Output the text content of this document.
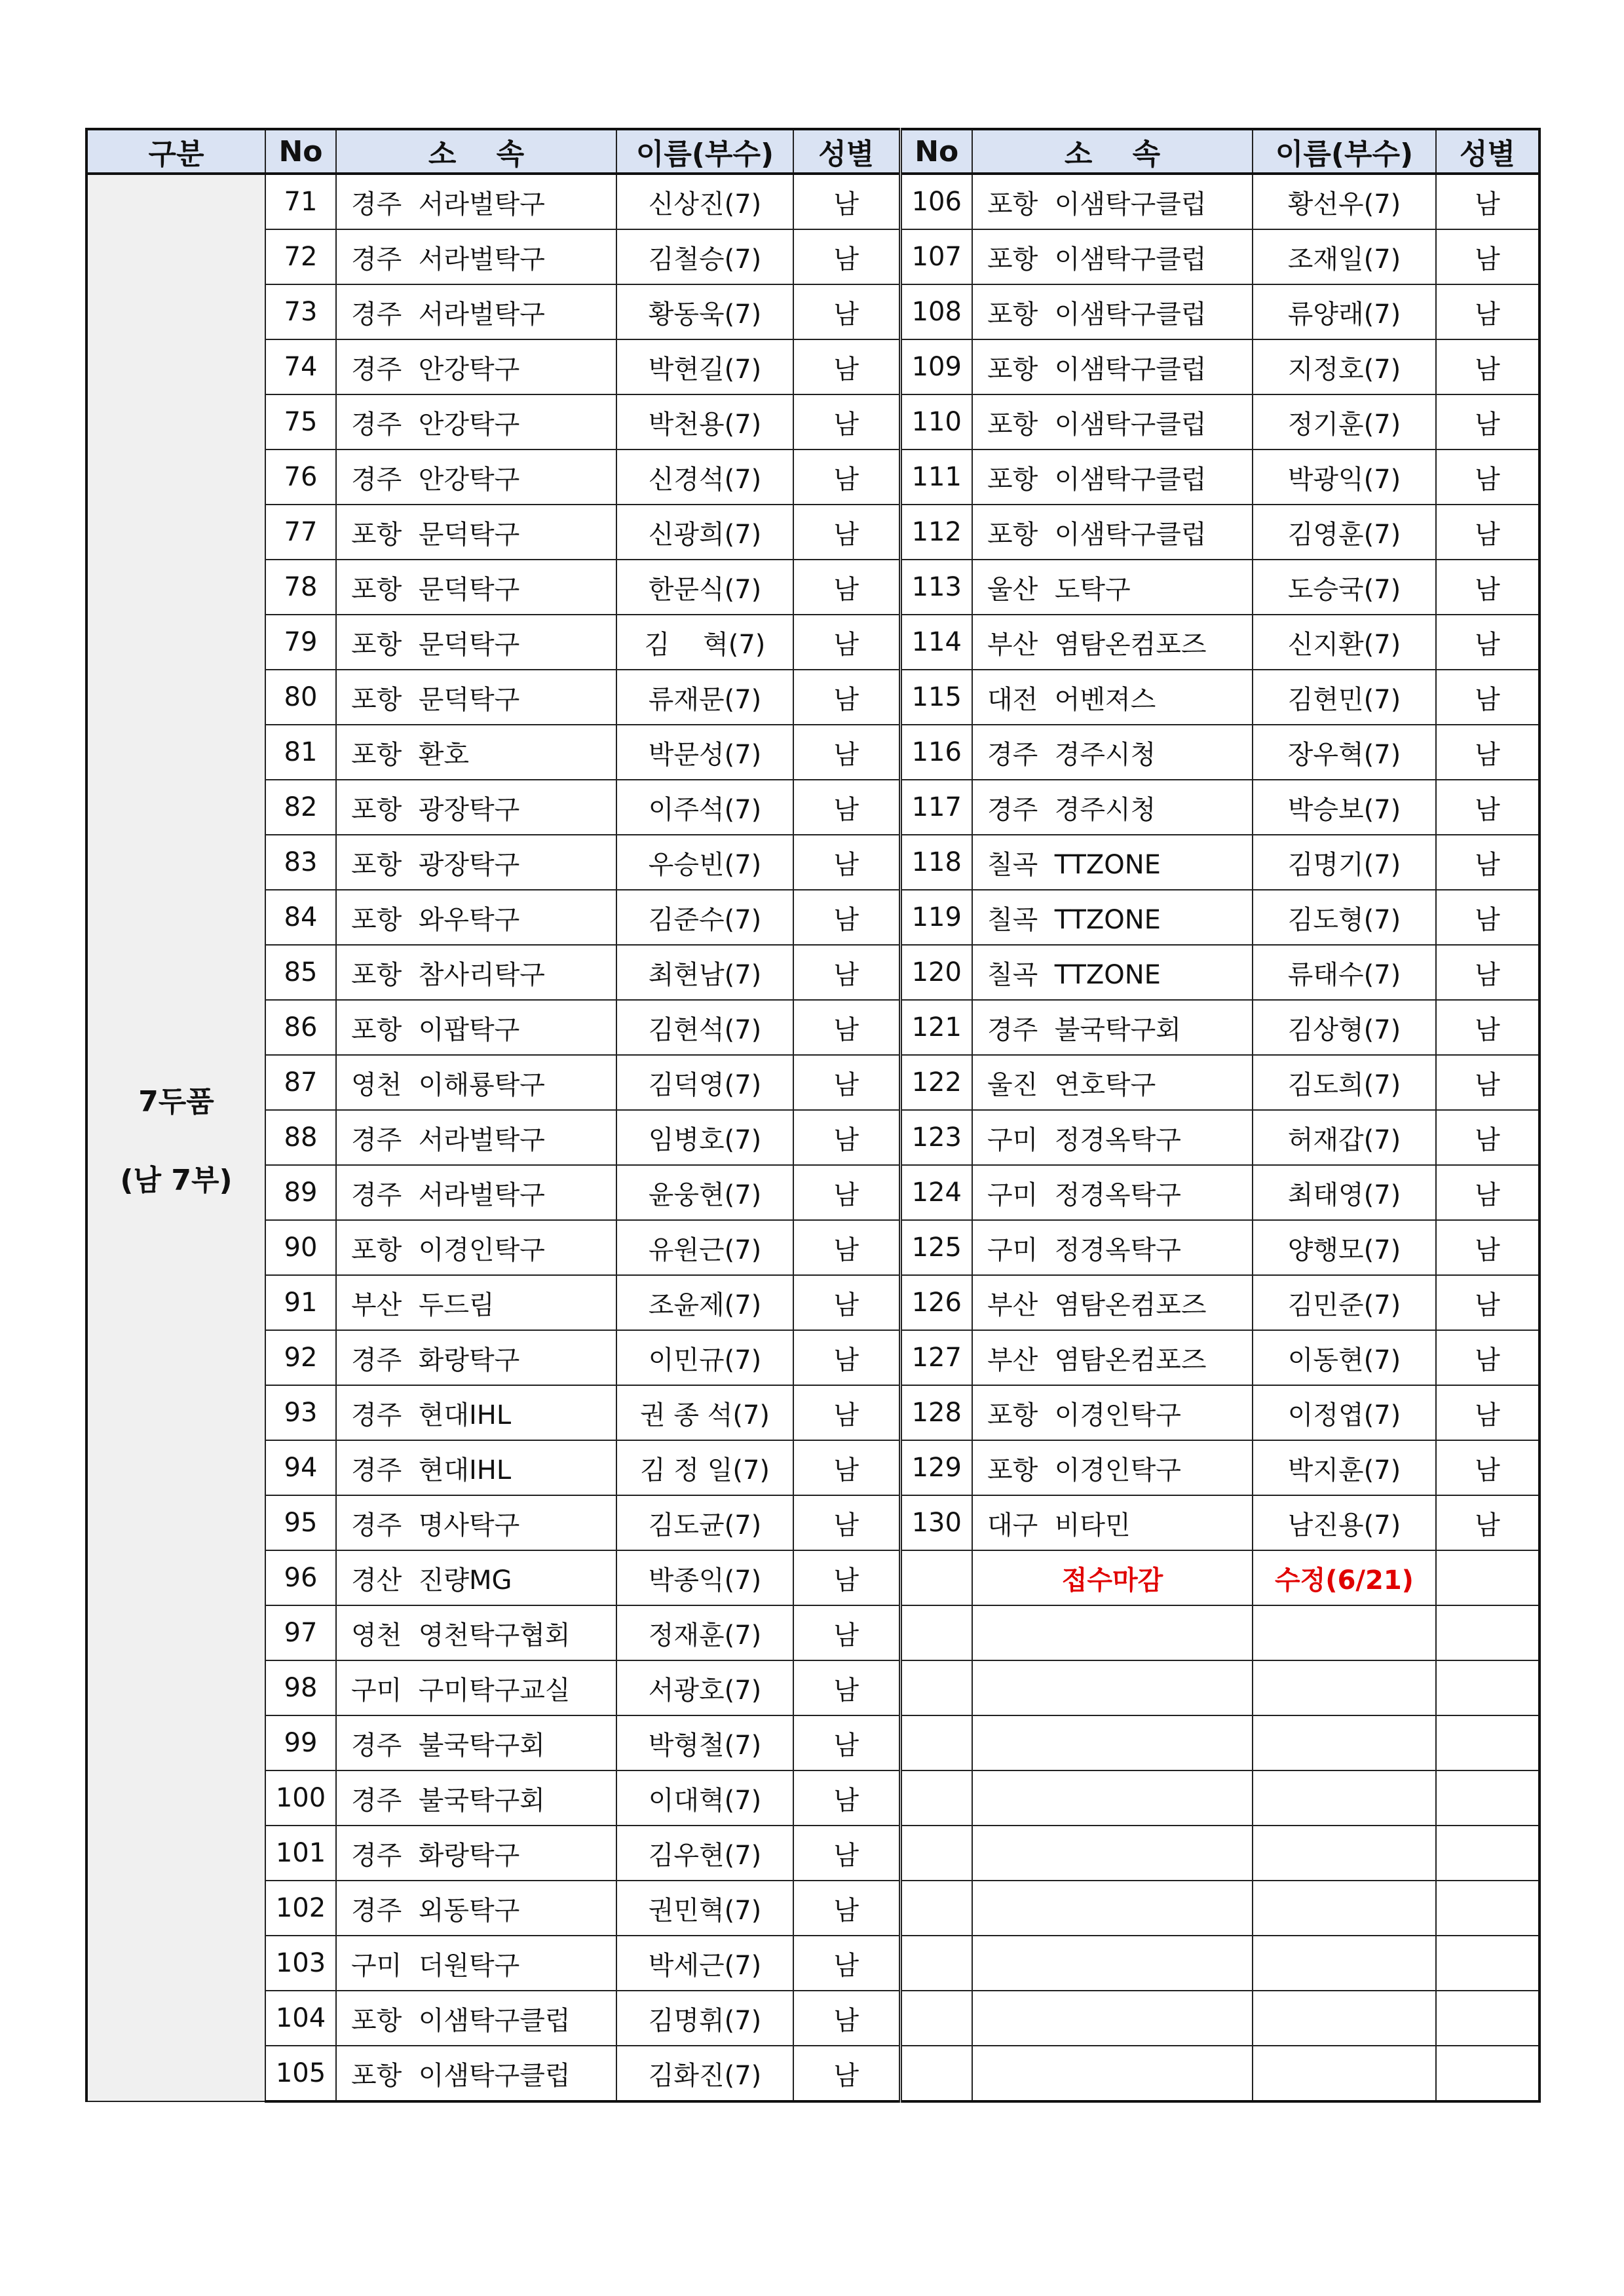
구분	No	소    속	이름(부수)	성별	No	소    속	이름(부수)	성별

7두품
(남 7부)	71	경주  서라벌탁구	신상진(7)	남	106	포항  이샘탁구클럽	황선우(7)	남
	72	경주  서라벌탁구	김철승(7)	남	107	포항  이샘탁구클럽	조재일(7)	남
	73	경주  서라벌탁구	황동욱(7)	남	108	포항  이샘탁구클럽	류양래(7)	남
	74	경주  안강탁구	박현길(7)	남	109	포항  이샘탁구클럽	지정호(7)	남
	75	경주  안강탁구	박천용(7)	남	110	포항  이샘탁구클럽	정기훈(7)	남
	76	경주  안강탁구	신경석(7)	남	111	포항  이샘탁구클럽	박광익(7)	남
	77	포항  문덕탁구	신광희(7)	남	112	포항  이샘탁구클럽	김영훈(7)	남
	78	포항  문덕탁구	한문식(7)	남	113	울산  도탁구	도승국(7)	남
	79	포항  문덕탁구	김    혁(7)	남	114	부산  염탐온컴포즈	신지환(7)	남
	80	포항  문덕탁구	류재문(7)	남	115	대전  어벤져스	김현민(7)	남
	81	포항  환호	박문성(7)	남	116	경주  경주시청	장우혁(7)	남
	82	포항  광장탁구	이주석(7)	남	117	경주  경주시청	박승보(7)	남
	83	포항  광장탁구	우승빈(7)	남	118	칠곡  TTZONE	김명기(7)	남
	84	포항  와우탁구	김준수(7)	남	119	칠곡  TTZONE	김도형(7)	남
	85	포항  참사리탁구	최현남(7)	남	120	칠곡  TTZONE	류태수(7)	남
	86	포항  이팝탁구	김현석(7)	남	121	경주  불국탁구회	김상형(7)	남
	87	영천  이해룡탁구	김덕영(7)	남	122	울진  연호탁구	김도희(7)	남
	88	경주  서라벌탁구	임병호(7)	남	123	구미  정경옥탁구	허재갑(7)	남
	89	경주  서라벌탁구	윤웅현(7)	남	124	구미  정경옥탁구	최태영(7)	남
	90	포항  이경인탁구	유원근(7)	남	125	구미  정경옥탁구	양행모(7)	남
	91	부산  두드림	조윤제(7)	남	126	부산  염탐온컴포즈	김민준(7)	남
	92	경주  화랑탁구	이민규(7)	남	127	부산  염탐온컴포즈	이동현(7)	남
	93	경주  현대IHL	권 종 석(7)	남	128	포항  이경인탁구	이정엽(7)	남
	94	경주  현대IHL	김 정 일(7)	남	129	포항  이경인탁구	박지훈(7)	남
	95	경주  명사탁구	김도균(7)	남	130	대구  비타민	남진용(7)	남
	96	경산  진량MG	박종익(7)	남		접수마감	수정(6/21)	
	97	영천  영천탁구협회	정재훈(7)	남				
	98	구미  구미탁구교실	서광호(7)	남				
	99	경주  불국탁구회	박형철(7)	남				
	100	경주  불국탁구회	이대혁(7)	남				
	101	경주  화랑탁구	김우현(7)	남				
	102	경주  외동탁구	권민혁(7)	남				
	103	구미  더원탁구	박세근(7)	남				
	104	포항  이샘탁구클럽	김명휘(7)	남				
	105	포항  이샘탁구클럽	김화진(7)	남				
